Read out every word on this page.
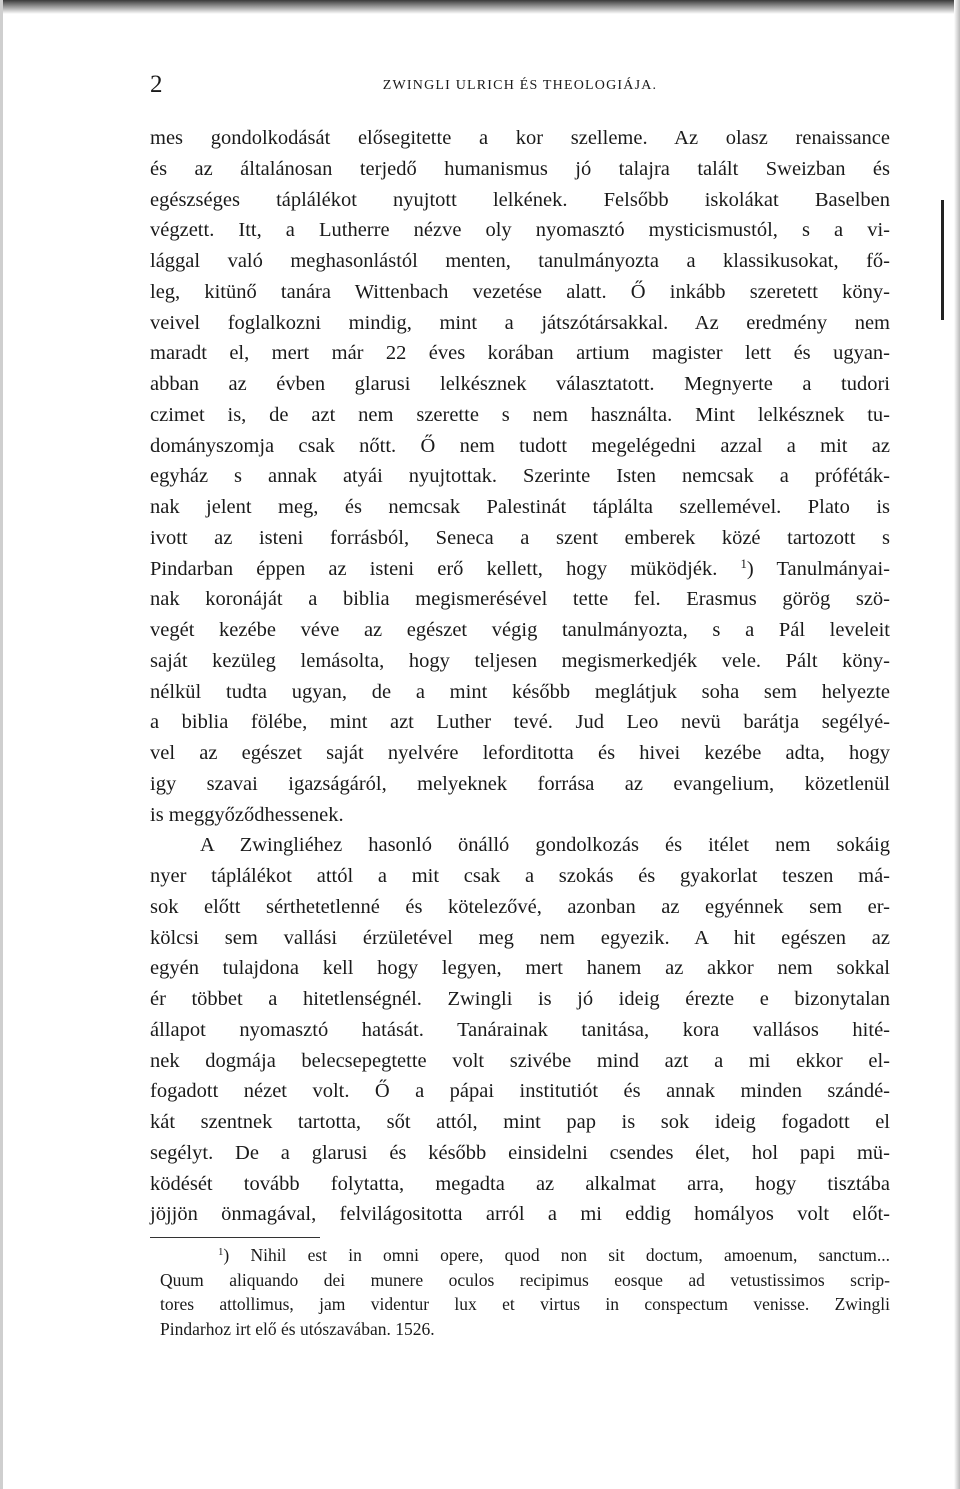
2	ZWINGLI ULRICH ÉS THEOLOGIÁJA.
mes gondolkodását elősegitette a kor szelleme. Az olasz renaissance
és az általánosan terjedő humanismus jó talajra talált Sweizban és
egészséges táplálékot nyujtott lelkének. Felsőbb iskolákat Baselben
végzett. Itt, a Lutherre nézve oly nyomasztó mysticismustól, s a vi-
lággal való meghasonlástól menten, tanulmányozta a klassikusokat, fő-
leg, kitünő tanára Wittenbach vezetése alatt. Ő inkább szeretett köny-
veivel foglalkozni mindig, mint a játszótársakkal. Az eredmény nem
maradt el, mert már 22 éves korában artium magister lett és ugyan-
abban az évben glarusi lelkésznek választatott. Megnyerte a tudori
czimet is, de azt nem szerette s nem használta. Mint lelkésznek tu-
dományszomja csak nőtt. Ő nem tudott megelégedni azzal a mit az
egyház s annak atyái nyujtottak. Szerinte Isten nemcsak a próféták-
nak jelent meg, és nemcsak Palestinát táplálta szellemével. Plato is
ivott az isteni forrásból, Seneca a szent emberek közé tartozott s
Pindarban éppen az isteni erő kellett, hogy müködjék. $^1$) Tanulmányai-
nak koronáját a biblia megismerésével tette fel. Erasmus görög szö-
vegét kezébe véve az egészet végig tanulmányozta, s a Pál leveleit
saját kezüleg lemásolta, hogy teljesen megismerkedjék vele. Pált köny-
nélkül tudta ugyan, de a mint később meglátjuk soha sem helyezte
a biblia fölébe, mint azt Luther tevé. Jud Leo nevü barátja segélyé-
vel az egészet saját nyelvére leforditotta és hivei kezébe adta, hogy
igy szavai igazságáról, melyeknek forrása az evangelium, közetlenül
is meggyőződhessenek.
A Zwingliéhez hasonló önálló gondolkozás és itélet nem sokáig
nyer táplálékot attól a mit csak a szokás és gyakorlat teszen má-
sok előtt sérthetetlenné és kötelezővé, azonban az egyénnek sem er-
kölcsi sem vallási érzületével meg nem egyezik. A hit egészen az
egyén tulajdona kell hogy legyen, mert hanem az akkor nem sokkal
ér többet a hitetlenségnél. Zwingli is jó ideig érezte e bizonytalan
állapot nyomasztó hatását. Tanárainak tanitása, kora vallásos hité-
nek dogmája belecsepegtette volt szivébe mind azt a mi ekkor el-
fogadott nézet volt. Ő a pápai institutiót és annak minden szándé-
kát szentnek tartotta, sőt attól, mint pap is sok ideig fogadott el
segélyt. De a glarusi és később einsidelni csendes élet, hol papi mü-
ködését tovább folytatta, megadta az alkalmat arra, hogy tisztába
jöjjön önmagával, felvilágositotta arról a mi eddig homályos volt előt-
$^1$) Nihil est in omni opere, quod non sit doctum, amoenum, sanctum...
Quum aliquando dei munere oculos recipimus eosque ad vetustissimos scrip-
tores attollimus, jam videntur lux et virtus in conspectum venisse. Zwingli
Pindarhoz irt elő és utószavában. 1526.
